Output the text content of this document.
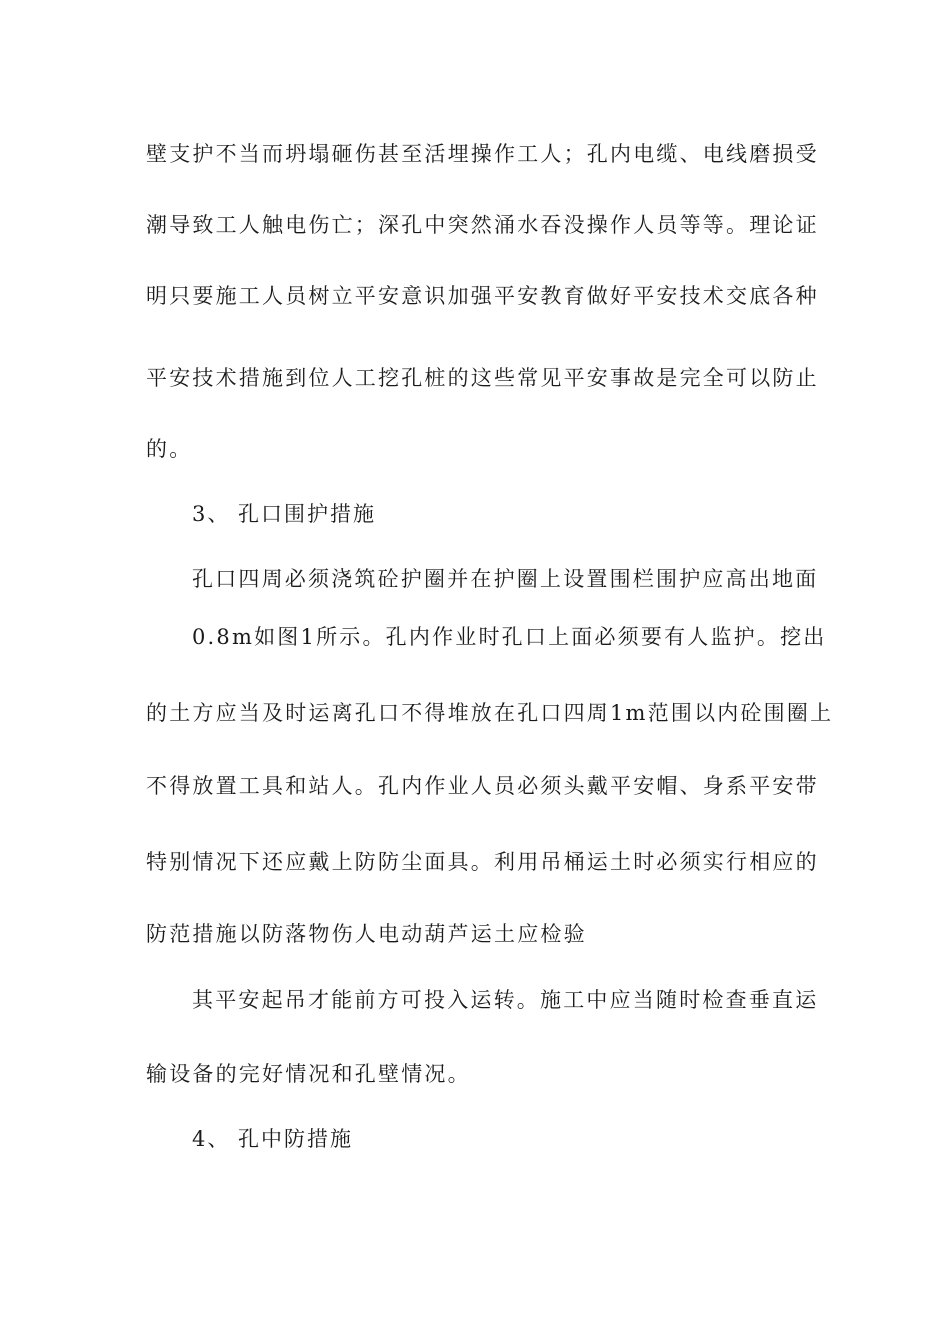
壁支护不当而坍塌砸伤甚至活埋操作工人；孔内电缆、电线磨损受
潮导致工人触电伤亡；深孔中突然涌水吞没操作人员等等。理论证
明只要施工人员树立平安意识加强平安教育做好平安技术交底各种
平安技术措施到位人工挖孔桩的这些常见平安事故是完全可以防止
的。
3、 孔口围护措施
孔口四周必须浇筑砼护圈并在护圈上设置围栏围护应高出地面
0.8m如图1所示。孔内作业时孔口上面必须要有人监护。挖出
的土方应当及时运离孔口不得堆放在孔口四周1m范围以内砼围圈上
不得放置工具和站人。孔内作业人员必须头戴平安帽、身系平安带
特别情况下还应戴上防防尘面具。利用吊桶运土时必须实行相应的
防范措施以防落物伤人电动葫芦运土应检验
其平安起吊才能前方可投入运转。施工中应当随时检查垂直运
输设备的完好情况和孔壁情况。
4、 孔中防措施
